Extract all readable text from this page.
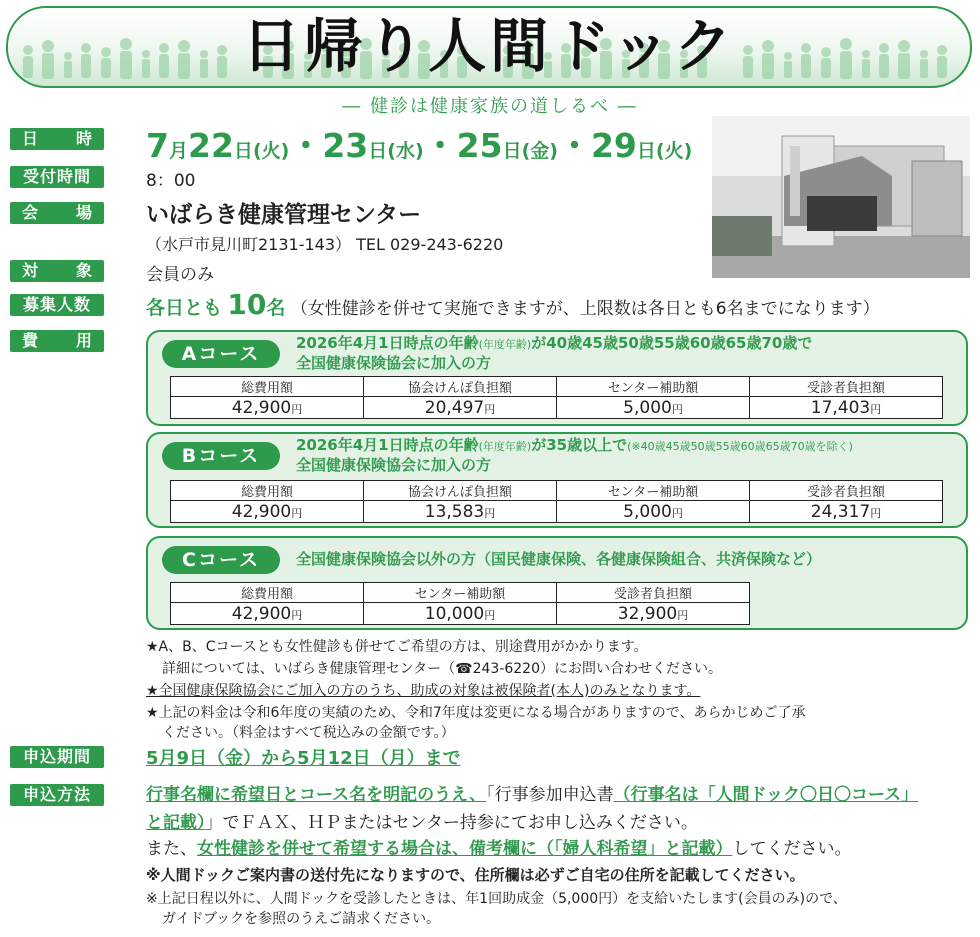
日帰り人間ドック
― 健診は健康家族の道しるべ ―
日 時 7月22日(火)・23日(水)・25日(金)・29日(火)
受付時間	8：00
会 場 いばらき健康管理センター
（水戸市見川町2131-143） TEL 029-243-6220
対 象	会員のみ
募集人数	各日とも 10名 （女性健診を併せて実施できますが、上限数は各日とも6名までになります）
費 用
Aコース	2026年4月1日時点の年齢(年度年齢)が40歳45歳50歳55歳60歳65歳70歳で
全国健康保険協会に加入の方
総費用額	協会けんぽ負担額	センター補助額	受診者負担額
42,900円	20,497円	5,000円	17,403円
Bコース	2026年4月1日時点の年齢(年度年齢)が35歳以上で(※40歳45歳50歳55歳60歳65歳70歳を除く)
全国健康保険協会に加入の方
総費用額	協会けんぽ負担額	センター補助額	受診者負担額
42,900円	13,583円	5,000円	24,317円
Cコース	全国健康保険協会以外の方（国民健康保険、各健康保険組合、共済保険など）
総費用額	センター補助額	受診者負担額
42,900円	10,000円	32,900円
★A、B、Cコースとも女性健診も併せてご希望の方は、別途費用がかかります。
詳細については、いばらき健康管理センター（☎243-6220）にお問い合わせください。
★全国健康保険協会にご加入の方のうち、助成の対象は被保険者(本人)のみとなります。
★上記の料金は令和6年度の実績のため、令和7年度は変更になる場合がありますので、あらかじめご了承
ください。（料金はすべて税込みの金額です。）
申込期間	5月9日（金）から5月12日（月）まで
申込方法	行事名欄に希望日とコース名を明記のうえ、「行事参加申込書（行事名は「人間ドック〇日〇コース」
と記載）」でＦＡＸ、ＨＰまたはセンター持参にてお申し込みください。
また、女性健診を併せて希望する場合は、備考欄に（「婦人科希望」と記載）してください。
※人間ドックご案内書の送付先になりますので、住所欄は必ずご自宅の住所を記載してください。
※上記日程以外に、人間ドックを受診したときは、年1回助成金（5,000円）を支給いたします(会員のみ)ので、
ガイドブックを参照のうえご請求ください。
